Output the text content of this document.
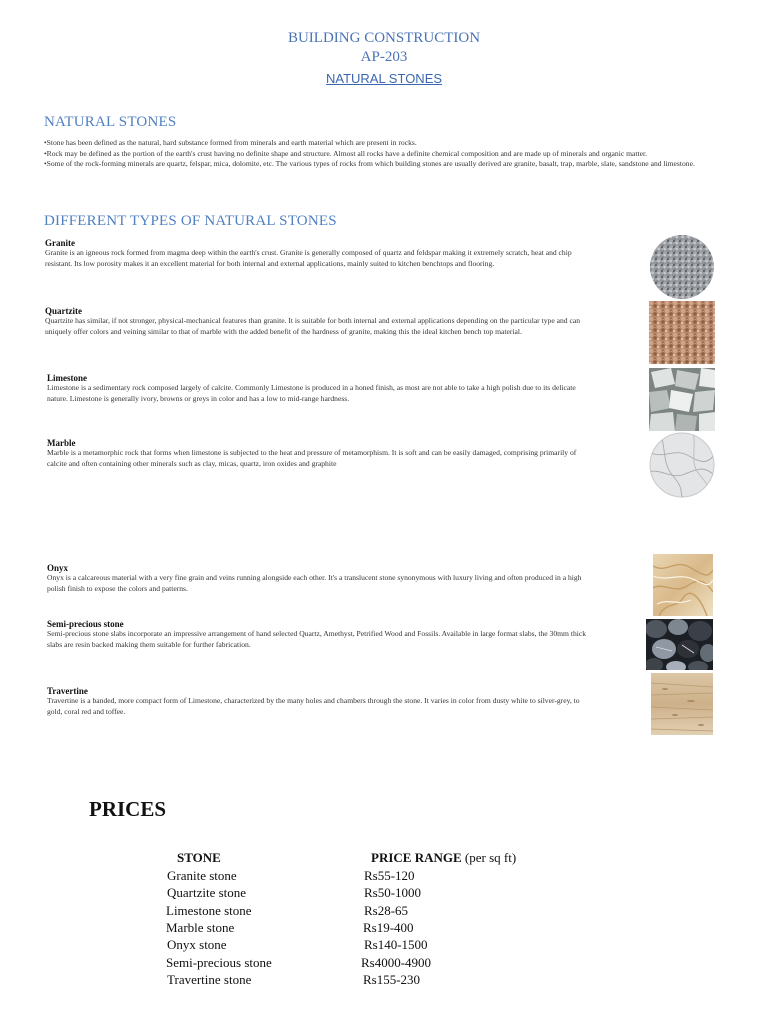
BUILDING CONSTRUCTION
AP-203
NATURAL STONES
NATURAL STONES
•Stone has been defined as the natural, hard substance formed from minerals and earth material which are present in rocks.
•Rock may be defined as the portion of the earth's crust having no definite shape and structure. Almost all rocks have a definite chemical composition and are made up of minerals and organic matter.
•Some of the rock-forming minerals are quartz, felspar, mica, dolomite, etc. The various types of rocks from which building stones are usually derived are granite, basalt, trap, marble, slate, sandstone and limestone.
DIFFERENT TYPES OF NATURAL STONES
Granite
Granite is an igneous rock formed from magma deep within the earth's crust. Granite is generally composed of quartz and feldspar making it extremely scratch, heat and chip resistant. Its low porosity makes it an excellent material for both internal and external applications, mainly suited to kitchen benchtops and flooring.
Quartzite
Quartzite has similar, if not stronger, physical-mechanical features than granite. It is suitable for both internal and external applications depending on the particular type and can uniquely offer colors and veining similar to that of marble with the added benefit of the hardness of granite, making this the ideal kitchen bench top material.
Limestone
Limestone is a sedimentary rock composed largely of calcite. Commonly Limestone is produced in a honed finish, as most are not able to take a high polish due to its delicate nature. Limestone is generally ivory, browns or greys in color and has a low to mid-range hardness.
Marble
Marble is a metamorphic rock that forms when limestone is subjected to the heat and pressure of metamorphism. It is soft and can be easily damaged, comprising primarily of calcite and often containing other minerals such as clay, micas, quartz, iron oxides and graphite
Onyx
Onyx is a calcareous material with a very fine grain and veins running alongside each other. It's a translucent stone synonymous with luxury living and often produced in a high polish finish to expose the colors and patterns.
Semi-precious stone
Semi-precious stone slabs incorporate an impressive arrangement of hand selected Quartz, Amethyst, Petrified Wood and Fossils. Available in large format slabs, the 30mm thick slabs are resin backed making them suitable for further fabrication.
Travertine
Travertine is a banded, more compact form of Limestone, characterized by the many holes and chambers through the stone. It varies in color from dusty white to silver-grey, to gold, coral red and toffee.
PRICES
STONE	PRICE RANGE (per sq ft)
Granite stone	Rs55-120
Quartzite stone	Rs50-1000
Limestone stone	Rs28-65
Marble stone	Rs19-400
Onyx stone	Rs140-1500
Semi-precious stone	Rs4000-4900
Travertine stone	Rs155-230
